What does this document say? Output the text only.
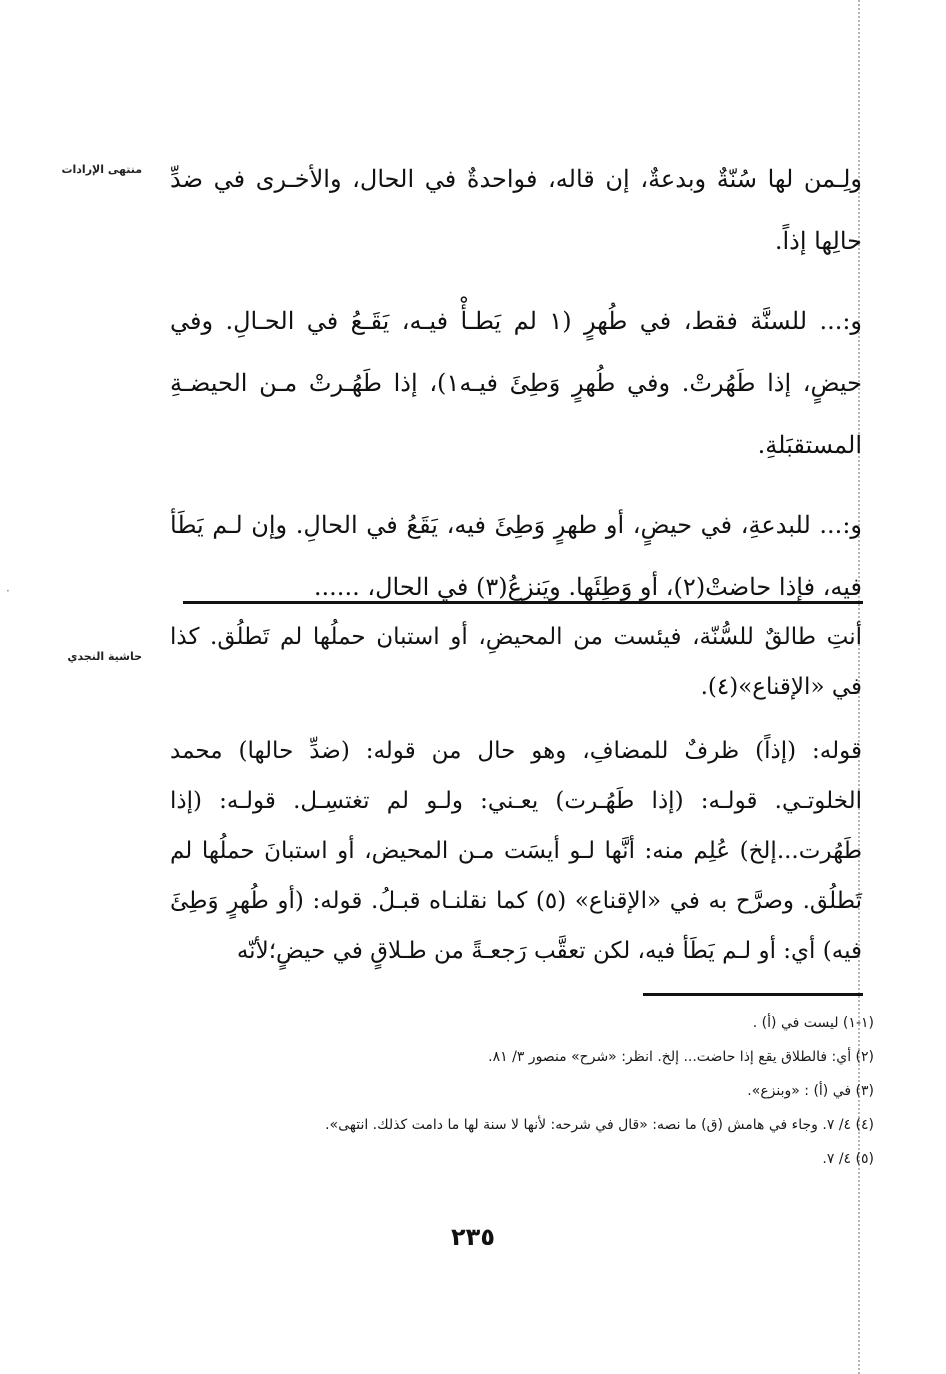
·
منتهى الإرادات
حاشية النجدي

ولِـمن لها سُنّةٌ وبدعةٌ، إن قاله، فواحدةٌ في الحال، والأخـرى في ضدِّ حالِها إذاً.

و:... للسنَّة فقط، في طُهرٍ (١ لم يَطـأْ فيـه، يَقَـعُ في الحـالِ. وفي حيضٍ، إذا طَهُرتْ. وفي طُهرٍ وَطِئَ فيـه١)، إذا طَهُـرتْ مـن الحيضـةِ المستقبَلةِ.

و:... للبدعةِ، في حيضٍ، أو طهرٍ وَطِئَ فيه، يَقَعُ في الحالِ. وإن لـم يَطَأ فيه، فإذا حاضتْ(٢)، أو وَطِئَها. ويَنزِعُ(٣) في الحالِ، ......

أنتِ طالقٌ للسُّنّة، فيئست من المحيضِ، أو استبان حملُها لم تَطلُق. كذا في «الإقناع»(٤).

قوله: (إذاً) ظرفٌ للمضافِ، وهو حال من قوله: (ضدِّ حالها) محمد الخلوتـي. قولـه: (إذا طَهُـرت) يعـني: ولـو لم تغتسِـل. قولـه: (إذا طَهُرت...إلخ) عُلِم منه: أنَّها لـو أيسَت مـن المحيض، أو استبانَ حملُها لم تَطلُق. وصرَّح به في «الإقناع» (٥) كما نقلنـاه قبـلُ. قوله: (أو طُهرٍ وَطِئَ فيه) أي: أو لـم يَطَأ فيه، لكن تعقَّب رَجعـةً من طـلاقٍ في حيضٍ؛لأنّه

(١-١) ليست في (أ) .
(٢) أي: فالطلاق يقع إذا حاضت... إلخ. انظر: «شرح» منصور ٣/ ٨١.
(٣) في (أ) : «وبنزع».
(٤) ٤/ ٧. وجاء في هامش (ق) ما نصه: «قال في شرحه: لأنها لا سنة لها ما دامت كذلك. انتهى».
(٥) ٤/ ٧.
٢٣٥
